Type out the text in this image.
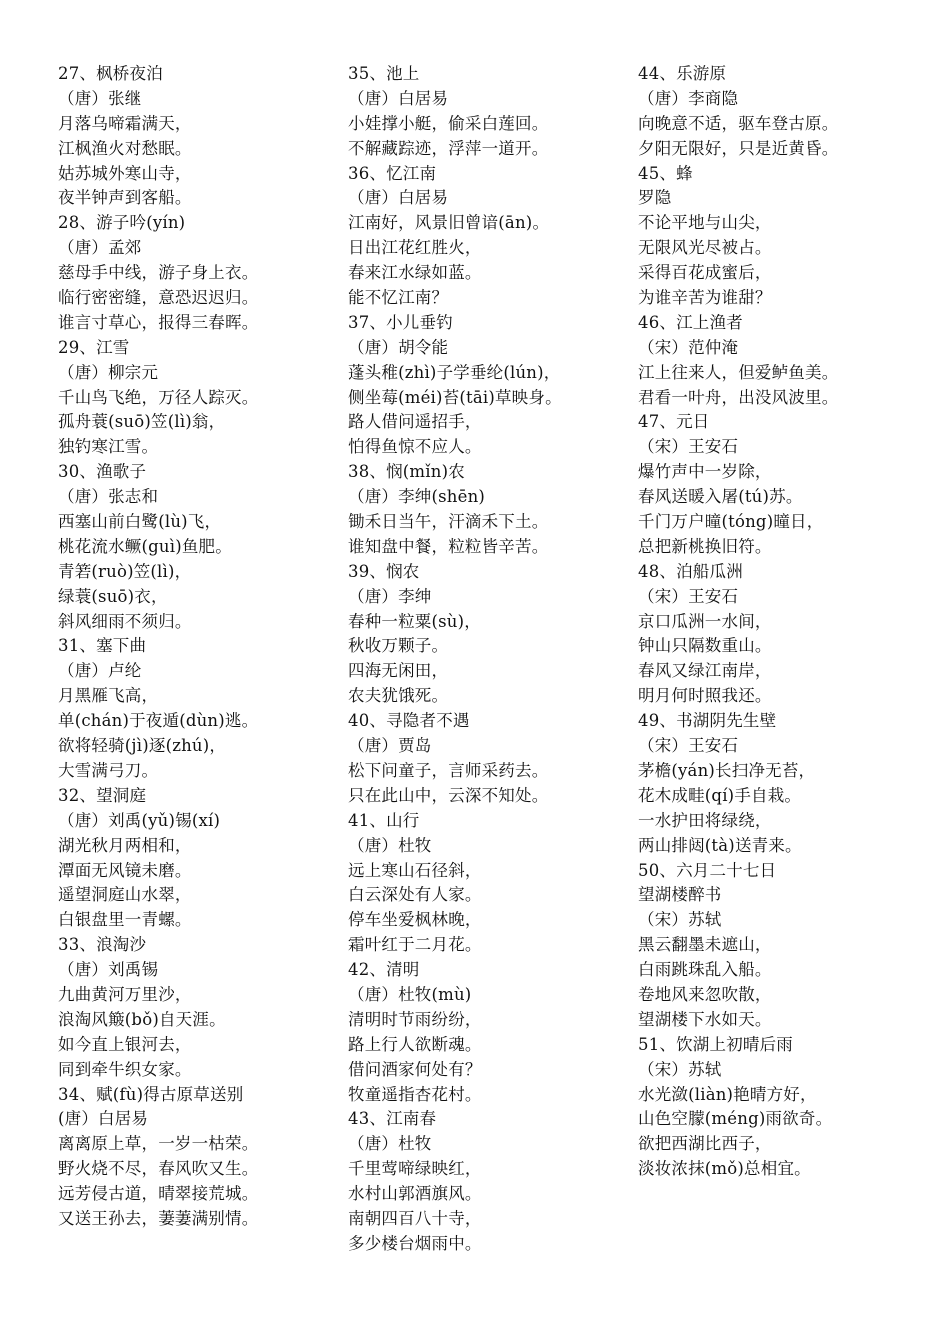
27、枫桥夜泊
（唐）张继
月落乌啼霜满天，
江枫渔火对愁眠。
姑苏城外寒山寺，
夜半钟声到客船。
28、游子吟(yín)
（唐）孟郊
慈母手中线，游子身上衣。
临行密密缝，意恐迟迟归。
谁言寸草心，报得三春晖。
29、江雪
（唐）柳宗元
千山鸟飞绝，万径人踪灭。
孤舟蓑(suō)笠(lì)翁，
独钓寒江雪。
30、渔歌子
（唐）张志和
西塞山前白鹭(lù)飞，
桃花流水鳜(guì)鱼肥。
青箬(ruò)笠(lì)，
绿蓑(suō)衣，
斜风细雨不须归。
31、塞下曲
（唐）卢纶
月黑雁飞高，
单(chán)于夜遁(dùn)逃。
欲将轻骑(jì)逐(zhú)，
大雪满弓刀。
32、望洞庭
（唐）刘禹(yǔ)锡(xí)
湖光秋月两相和，
潭面无风镜未磨。
遥望洞庭山水翠，
白银盘里一青螺。
33、浪淘沙
（唐）刘禹锡
九曲黄河万里沙，
浪淘风簸(bǒ)自天涯。
如今直上银河去，
同到牵牛织女家。
34、赋(fù)得古原草送别
(唐）白居易
离离原上草，一岁一枯荣。
野火烧不尽，春风吹又生。
远芳侵古道，晴翠接荒城。
又送王孙去，萋萋满别情。
35、池上
（唐）白居易
小娃撑小艇，偷采白莲回。
不解藏踪迹，浮萍一道开。
36、忆江南
（唐）白居易
江南好，风景旧曾谙(ān)。
日出江花红胜火，
春来江水绿如蓝。
能不忆江南？
37、小儿垂钓
（唐）胡令能
蓬头稚(zhì)子学垂纶(lún)，
侧坐莓(méi)苔(tāi)草映身。
路人借问遥招手，
怕得鱼惊不应人。
38、悯(mǐn)农
（唐）李绅(shēn)
锄禾日当午，汗滴禾下土。
谁知盘中餐，粒粒皆辛苦。
39、悯农
（唐）李绅
春种一粒粟(sù)，
秋收万颗子。
四海无闲田，
农夫犹饿死。
40、寻隐者不遇
（唐）贾岛
松下问童子，言师采药去。
只在此山中，云深不知处。
41、山行
（唐）杜牧
远上寒山石径斜，
白云深处有人家。
停车坐爱枫林晚，
霜叶红于二月花。
42、清明
（唐）杜牧(mù)
清明时节雨纷纷，
路上行人欲断魂。
借问酒家何处有？
牧童遥指杏花村。
43、江南春
（唐）杜牧
千里莺啼绿映红，
水村山郭酒旗风。
南朝四百八十寺，
多少楼台烟雨中。
44、乐游原
（唐）李商隐
向晚意不适，驱车登古原。
夕阳无限好，只是近黄昏。
45、蜂
罗隐
不论平地与山尖，
无限风光尽被占。
采得百花成蜜后，
为谁辛苦为谁甜？
46、江上渔者
（宋）范仲淹
江上往来人，但爱鲈鱼美。
君看一叶舟，出没风波里。
47、元日
（宋）王安石
爆竹声中一岁除，
春风送暖入屠(tú)苏。
千门万户曈(tóng)曈日，
总把新桃换旧符。
48、泊船瓜洲
（宋）王安石
京口瓜洲一水间，
钟山只隔数重山。
春风又绿江南岸，
明月何时照我还。
49、书湖阴先生壁
（宋）王安石
茅檐(yán)长扫净无苔，
花木成畦(qí)手自栽。
一水护田将绿绕，
两山排闼(tà)送青来。
50、六月二十七日
望湖楼醉书
（宋）苏轼
黑云翻墨未遮山，
白雨跳珠乱入船。
卷地风来忽吹散，
望湖楼下水如天。
51、饮湖上初晴后雨
（宋）苏轼
水光潋(liàn)艳晴方好，
山色空朦(méng)雨欲奇。
欲把西湖比西子，
淡妆浓抹(mǒ)总相宜。
